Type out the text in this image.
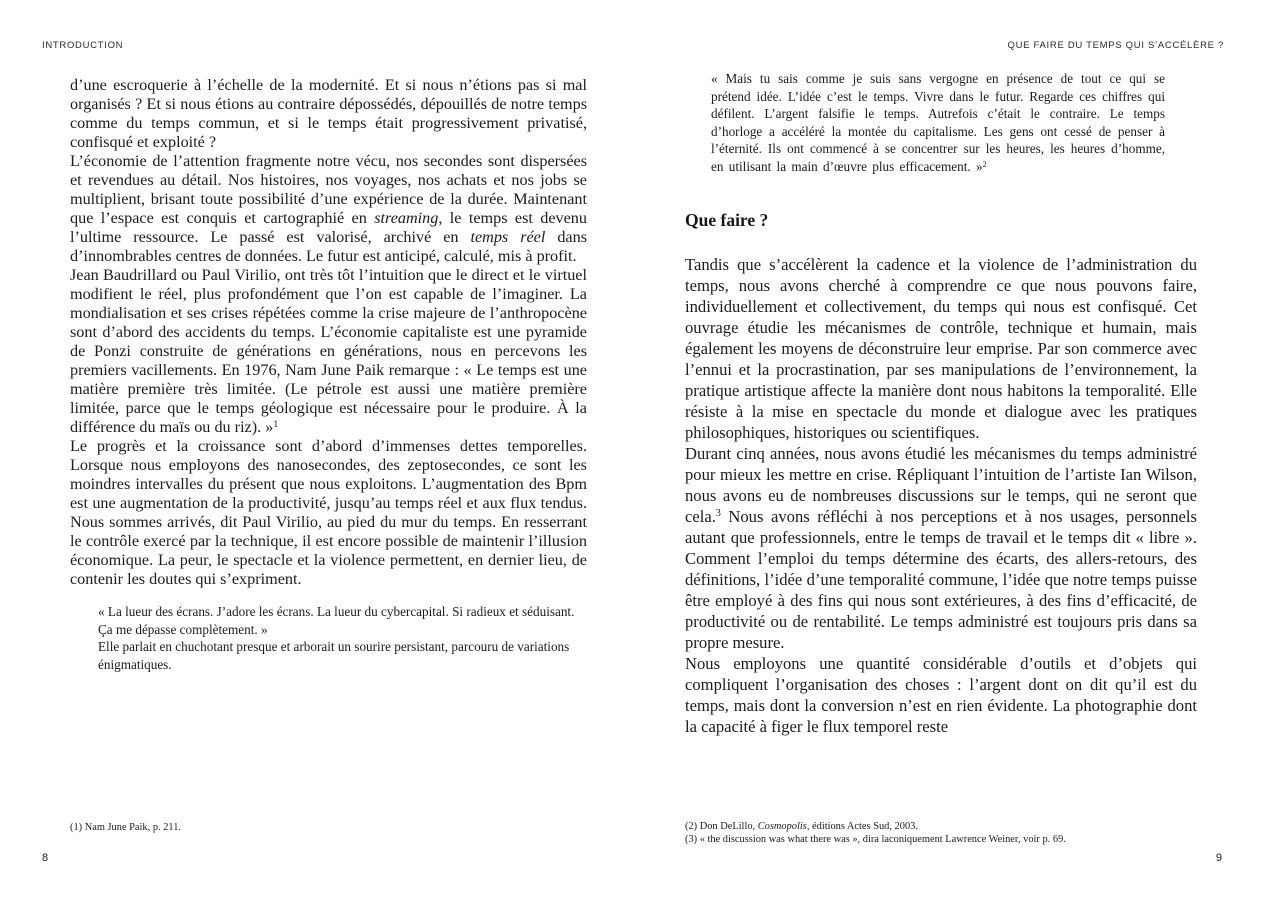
INTRODUCTION

d’une escroquerie à l’échelle de la modernité. Et si nous n’étions pas si mal organisés ? Et si nous étions au contraire dépossédés, dépouillés de notre temps comme du temps commun, et si le temps était progressivement privatisé, confisqué et exploité ?

L’économie de l’attention fragmente notre vécu, nos secondes sont dispersées et revendues au détail. Nos histoires, nos voyages, nos achats et nos jobs se multiplient, brisant toute possibilité d’une expérience de la durée. Maintenant que l’espace est conquis et cartographié en streaming, le temps est devenu l’ultime ressource. Le passé est valorisé, archivé en temps réel dans d’innombrables centres de données. Le futur est anticipé, calculé, mis à profit.

Jean Baudrillard ou Paul Virilio, ont très tôt l’intuition que le direct et le virtuel modifient le réel, plus profondément que l’on est capable de l’imaginer. La mondialisation et ses crises répétées comme la crise majeure de l’anthropocène sont d’abord des accidents du temps. L’économie capitaliste est une pyramide de Ponzi construite de générations en générations, nous en percevons les premiers vacillements. En 1976, Nam June Paik remarque : « Le temps est une matière première très limitée. (Le pétrole est aussi une matière première limitée, parce que le temps géologique est nécessaire pour le produire. À la différence du maïs ou du riz). »$^1$

Le progrès et la croissance sont d’abord d’immenses dettes temporelles. Lorsque nous employons des nanosecondes, des zeptosecondes, ce sont les moindres intervalles du présent que nous exploitons. L’augmentation des Bpm est une augmentation de la productivité, jusqu’au temps réel et aux flux tendus. Nous sommes arrivés, dit Paul Virilio, au pied du mur du temps. En resserrant le contrôle exercé par la technique, il est encore possible de maintenir l’illusion économique. La peur, le spectacle et la violence permettent, en dernier lieu, de contenir les doutes qui s’expriment.

« La lueur des écrans. J’adore les écrans. La lueur du cybercapital. Si radieux et séduisant. Ça me dépasse complètement. »

Elle parlait en chuchotant presque et arborait un sourire persistant, parcouru de variations énigmatiques.

(1) Nam June Paik, p. 211.

8
QUE FAIRE DU TEMPS QUI S’ACCÉLÈRE ?

« Mais tu sais comme je suis sans vergogne en présence de tout ce qui se prétend idée. L’idée c’est le temps. Vivre dans le futur. Regarde ces chiffres qui défilent. L’argent falsifie le temps. Autrefois c’était le contraire. Le temps d’horloge a accéléré la montée du capitalisme. Les gens ont cessé de penser à l’éternité. Ils ont commencé à se concentrer sur les heures, les heures d’homme, en utilisant la main d’œuvre plus efficacement. »$^2$

Que faire ?

Tandis que s’accélèrent la cadence et la violence de l’administration du temps, nous avons cherché à comprendre ce que nous pouvons faire, individuellement et collectivement, du temps qui nous est confisqué. Cet ouvrage étudie les mécanismes de contrôle, technique et humain, mais également les moyens de déconstruire leur emprise. Par son commerce avec l’ennui et la procrastination, par ses manipulations de l’environnement, la pratique artistique affecte la manière dont nous habitons la temporalité. Elle résiste à la mise en spectacle du monde et dialogue avec les pratiques philosophiques, historiques ou scientifiques.

Durant cinq années, nous avons étudié les mécanismes du temps administré pour mieux les mettre en crise. Répliquant l’intuition de l’artiste Ian Wilson, nous avons eu de nombreuses discussions sur le temps, qui ne seront que cela.$^3$ Nous avons réfléchi à nos perceptions et à nos usages, personnels autant que professionnels, entre le temps de travail et le temps dit « libre ». Comment l’emploi du temps détermine des écarts, des allers-retours, des définitions, l’idée d’une temporalité commune, l’idée que notre temps puisse être employé à des fins qui nous sont extérieures, à des fins d’efficacité, de productivité ou de rentabilité. Le temps administré est toujours pris dans sa propre mesure.

Nous employons une quantité considérable d’outils et d’objets qui compliquent l’organisation des choses : l’argent dont on dit qu’il est du temps, mais dont la conversion n’est en rien évidente. La photographie dont la capacité à figer le flux temporel reste

(2) Don DeLillo, Cosmopolis, éditions Actes Sud, 2003.

(3) « the discussion was what there was », dira laconiquement Lawrence Weiner, voir p. 69.

9
